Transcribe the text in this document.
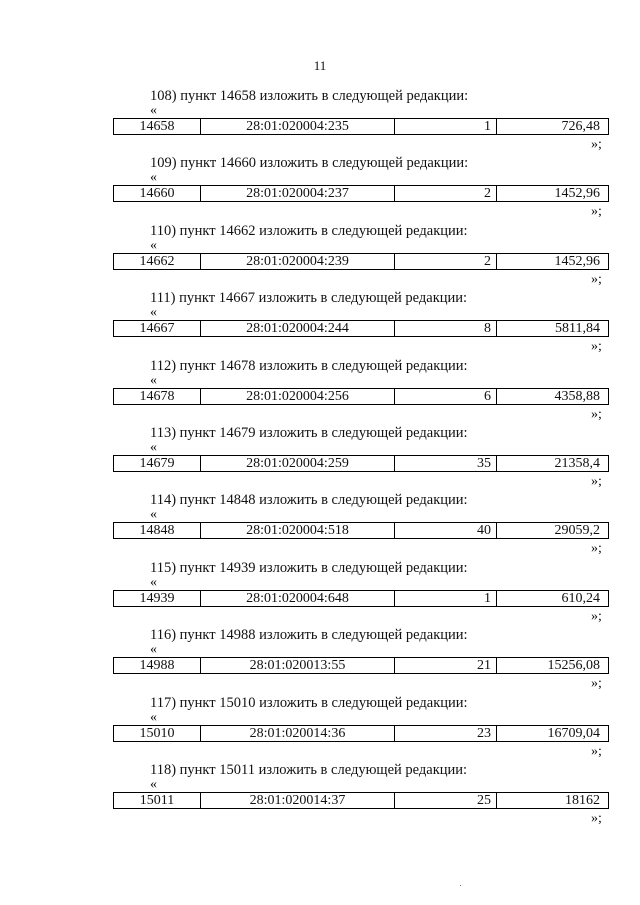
11
108) пункт 14658 изложить в следующей редакции:
«
14658	28:01:020004:235	1	726,48
»;
109) пункт 14660 изложить в следующей редакции:
«
14660	28:01:020004:237	2	1452,96
»;
110) пункт 14662 изложить в следующей редакции:
«
14662	28:01:020004:239	2	1452,96
»;
111) пункт 14667 изложить в следующей редакции:
«
14667	28:01:020004:244	8	5811,84
»;
112) пункт 14678 изложить в следующей редакции:
«
14678	28:01:020004:256	6	4358,88
»;
113) пункт 14679 изложить в следующей редакции:
«
14679	28:01:020004:259	35	21358,4
»;
114) пункт 14848 изложить в следующей редакции:
«
14848	28:01:020004:518	40	29059,2
»;
115) пункт 14939 изложить в следующей редакции:
«
14939	28:01:020004:648	1	610,24
»;
116) пункт 14988 изложить в следующей редакции:
«
14988	28:01:020013:55	21	15256,08
»;
117) пункт 15010 изложить в следующей редакции:
«
15010	28:01:020014:36	23	16709,04
»;
118) пункт 15011 изложить в следующей редакции:
«
15011	28:01:020014:37	25	18162
»;
